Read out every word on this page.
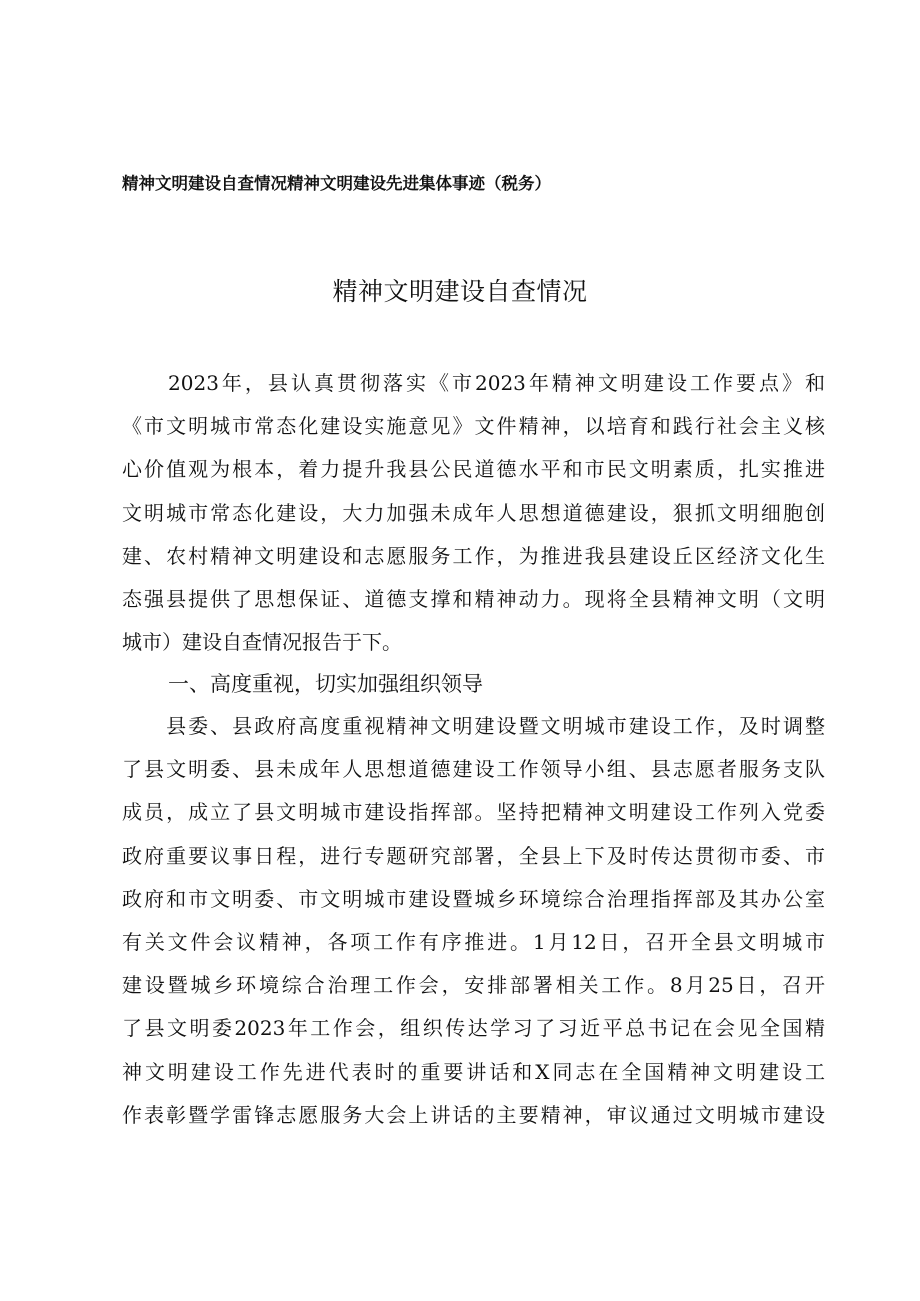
精神文明建设自查情况精神文明建设先进集体事迹（税务）
精神文明建设自查情况
　　2023年，县认真贯彻落实《市2023年精神文明建设工作要点》和
《市文明城市常态化建设实施意见》文件精神，以培育和践行社会主义核
心价值观为根本，着力提升我县公民道德水平和市民文明素质，扎实推进
文明城市常态化建设，大力加强未成年人思想道德建设，狠抓文明细胞创
建、农村精神文明建设和志愿服务工作，为推进我县建设丘区经济文化生
态强县提供了思想保证、道德支撑和精神动力。现将全县精神文明（文明
城市）建设自查情况报告于下。
一、高度重视，切实加强组织领导
　　县委、县政府高度重视精神文明建设暨文明城市建设工作，及时调整
了县文明委、县未成年人思想道德建设工作领导小组、县志愿者服务支队
成员，成立了县文明城市建设指挥部。坚持把精神文明建设工作列入党委
政府重要议事日程，进行专题研究部署，全县上下及时传达贯彻市委、市
政府和市文明委、市文明城市建设暨城乡环境综合治理指挥部及其办公室
有关文件会议精神，各项工作有序推进。1月12日，召开全县文明城市
建设暨城乡环境综合治理工作会，安排部署相关工作。8月25日，召开
了县文明委2023年工作会，组织传达学习了习近平总书记在会见全国精
神文明建设工作先进代表时的重要讲话和X同志在全国精神文明建设工
作表彰暨学雷锋志愿服务大会上讲话的主要精神，审议通过文明城市建设
